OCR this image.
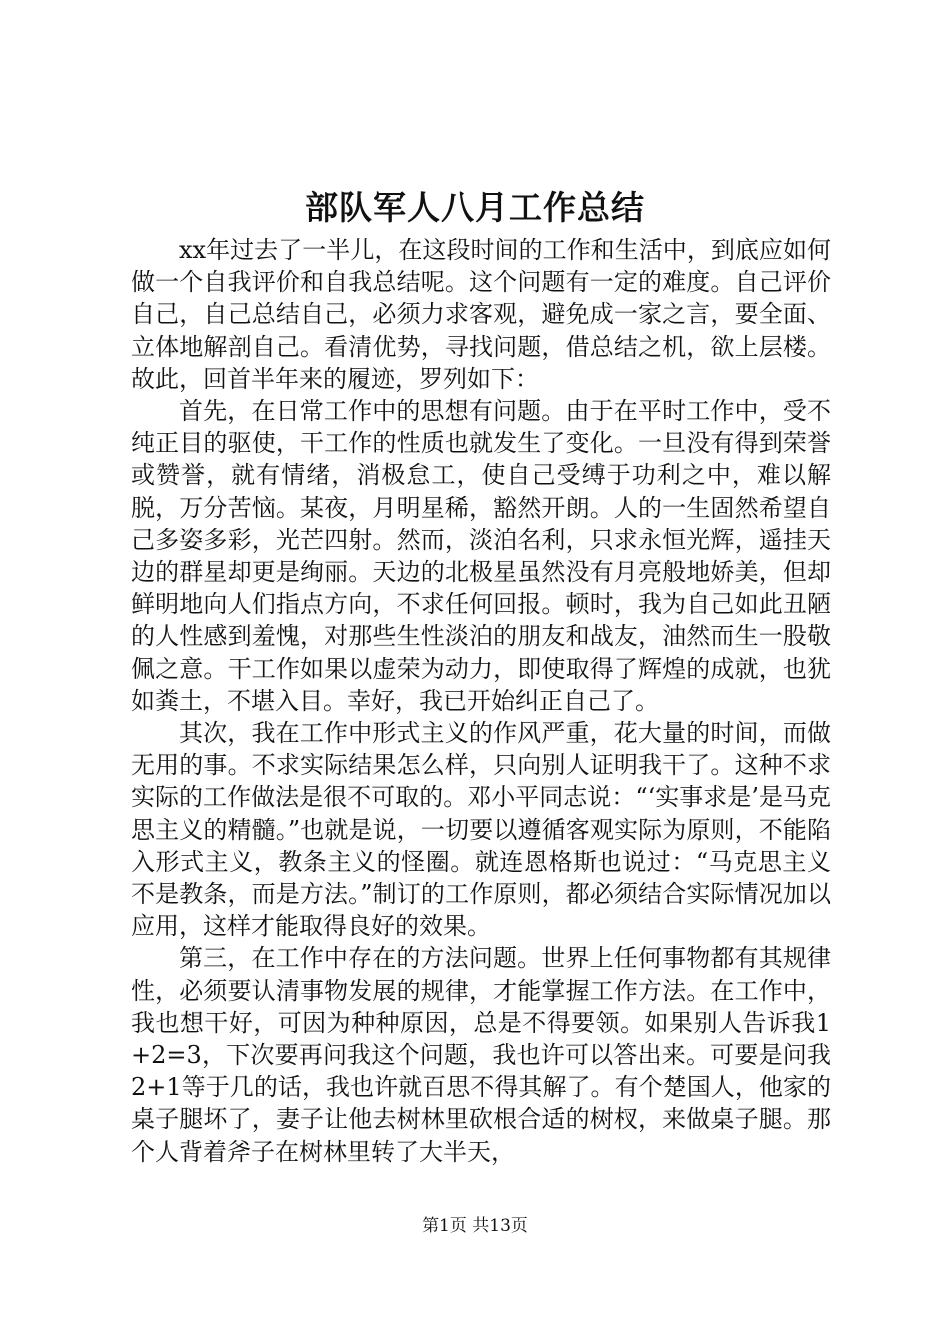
部队军人八月工作总结

xx年过去了一半儿，在这段时间的工作和生活中，到底应如何做一个自我评价和自我总结呢。这个问题有一定的难度。自己评价自己，自己总结自己，必须力求客观，避免成一家之言，要全面、立体地解剖自己。看清优势，寻找问题，借总结之机，欲上层楼。故此，回首半年来的履迹，罗列如下：

首先，在日常工作中的思想有问题。由于在平时工作中，受不纯正目的驱使，干工作的性质也就发生了变化。一旦没有得到荣誉或赞誉，就有情绪，消极怠工，使自己受缚于功利之中，难以解脱，万分苦恼。某夜，月明星稀，豁然开朗。人的一生固然希望自己多姿多彩，光芒四射。然而，淡泊名利，只求永恒光辉，遥挂天边的群星却更是绚丽。天边的北极星虽然没有月亮般地娇美，但却鲜明地向人们指点方向，不求任何回报。顿时，我为自己如此丑陋的人性感到羞愧，对那些生性淡泊的朋友和战友，油然而生一股敬佩之意。干工作如果以虚荣为动力，即使取得了辉煌的成就，也犹如粪土，不堪入目。幸好，我已开始纠正自己了。

其次，我在工作中形式主义的作风严重，花大量的时间，而做无用的事。不求实际结果怎么样，只向别人证明我干了。这种不求实际的工作做法是很不可取的。邓小平同志说：“‘实事求是’是马克思主义的精髓。”也就是说，一切要以遵循客观实际为原则，不能陷入形式主义，教条主义的怪圈。就连恩格斯也说过：“马克思主义不是教条，而是方法。”制订的工作原则，都必须结合实际情况加以应用，这样才能取得良好的效果。

第三，在工作中存在的方法问题。世界上任何事物都有其规律性，必须要认清事物发展的规律，才能掌握工作方法。在工作中，我也想干好，可因为种种原因，总是不得要领。如果别人告诉我1+2=3，下次要再问我这个问题，我也许可以答出来。可要是问我2+1等于几的话，我也许就百思不得其解了。有个楚国人，他家的桌子腿坏了，妻子让他去树林里砍根合适的树杈，来做桌子腿。那个人背着斧子在树林里转了大半天，

第1页 共13页
